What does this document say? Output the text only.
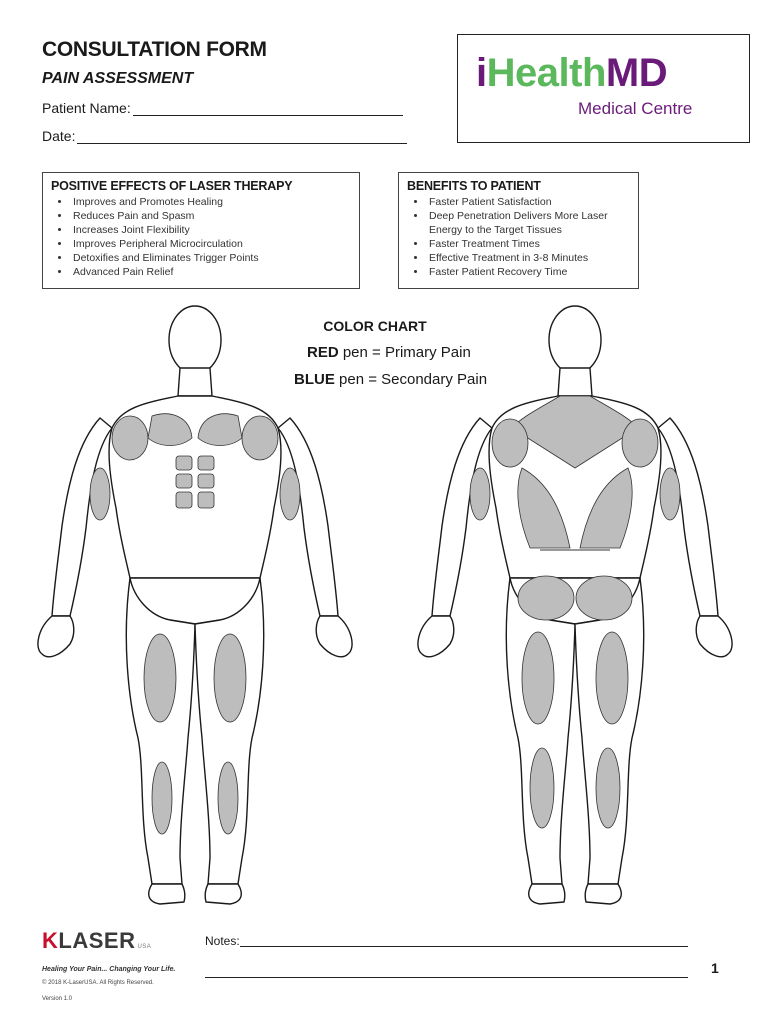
CONSULTATION FORM
PAIN ASSESSMENT
Patient Name:
Date:
iHealthMD
Medical Centre
POSITIVE EFFECTS OF LASER THERAPY
• Improves and Promotes Healing
• Reduces Pain and Spasm
• Increases Joint Flexibility
• Improves Peripheral Microcirculation
• Detoxifies and Eliminates Trigger Points
• Advanced Pain Relief
BENEFITS TO PATIENT
• Faster Patient Satisfaction
• Deep Penetration Delivers More Laser Energy to the Target Tissues
• Faster Treatment Times
• Effective Treatment in 3-8 Minutes
• Faster Patient Recovery Time
COLOR CHART
RED pen = Primary Pain
BLUE pen = Secondary Pain
KLASER USA
Healing Your Pain... Changing Your Life.
© 2018 K-LaserUSA. All Rights Reserved.
Version 1.0
Notes:
1
